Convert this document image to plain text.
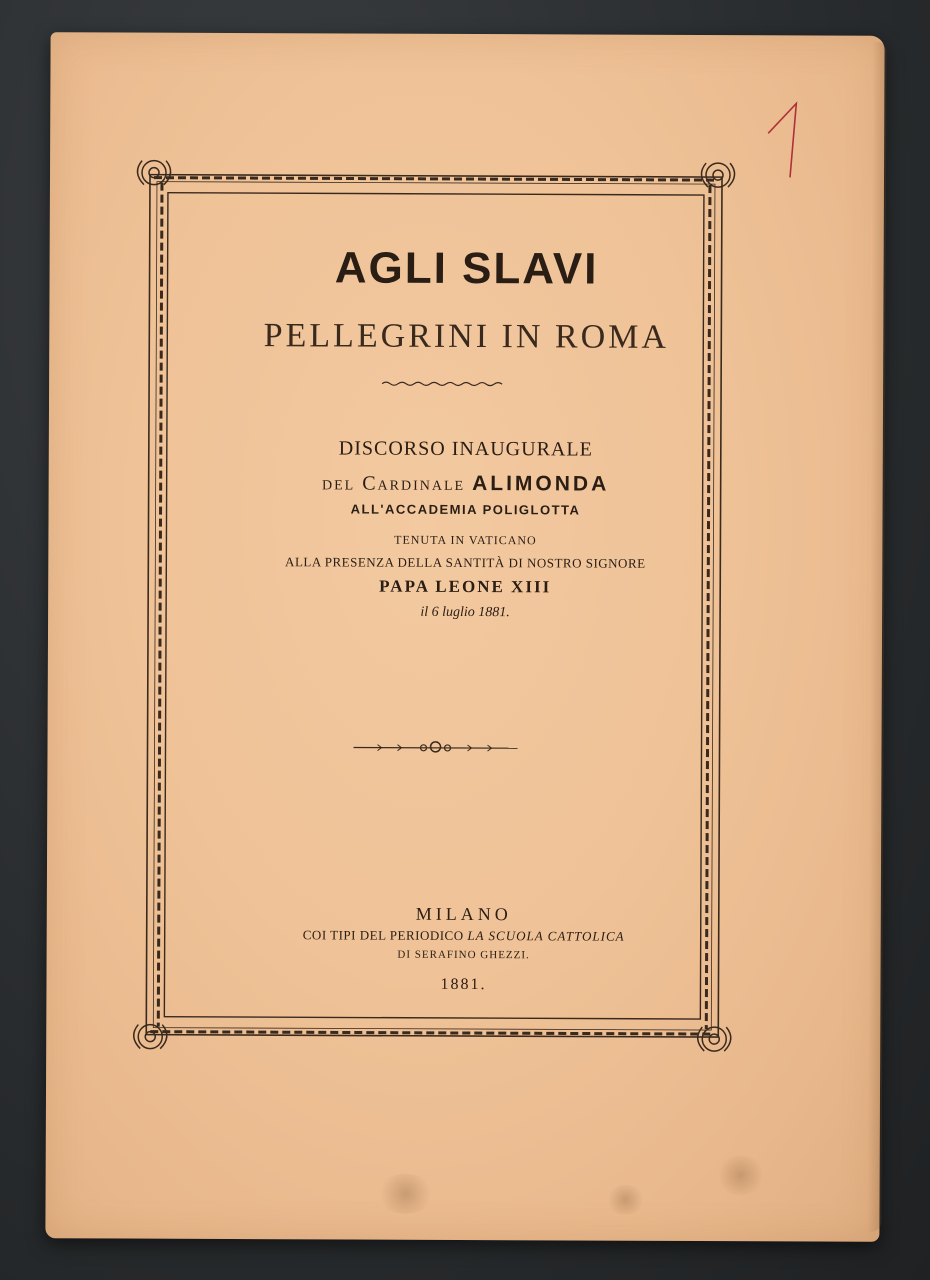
AGLI SLAVI
PELLEGRINI IN ROMA
DISCORSO INAUGURALE
del Cardinale ALIMONDA
ALL'ACCADEMIA POLIGLOTTA
TENUTA IN VATICANO
ALLA PRESENZA DELLA SANTITÀ DI NOSTRO SIGNORE
PAPA LEONE XIII
il 6 luglio 1881.
MILANO
COI TIPI DEL PERIODICO LA SCUOLA CATTOLICA
DI SERAFINO GHEZZI.
1881.
